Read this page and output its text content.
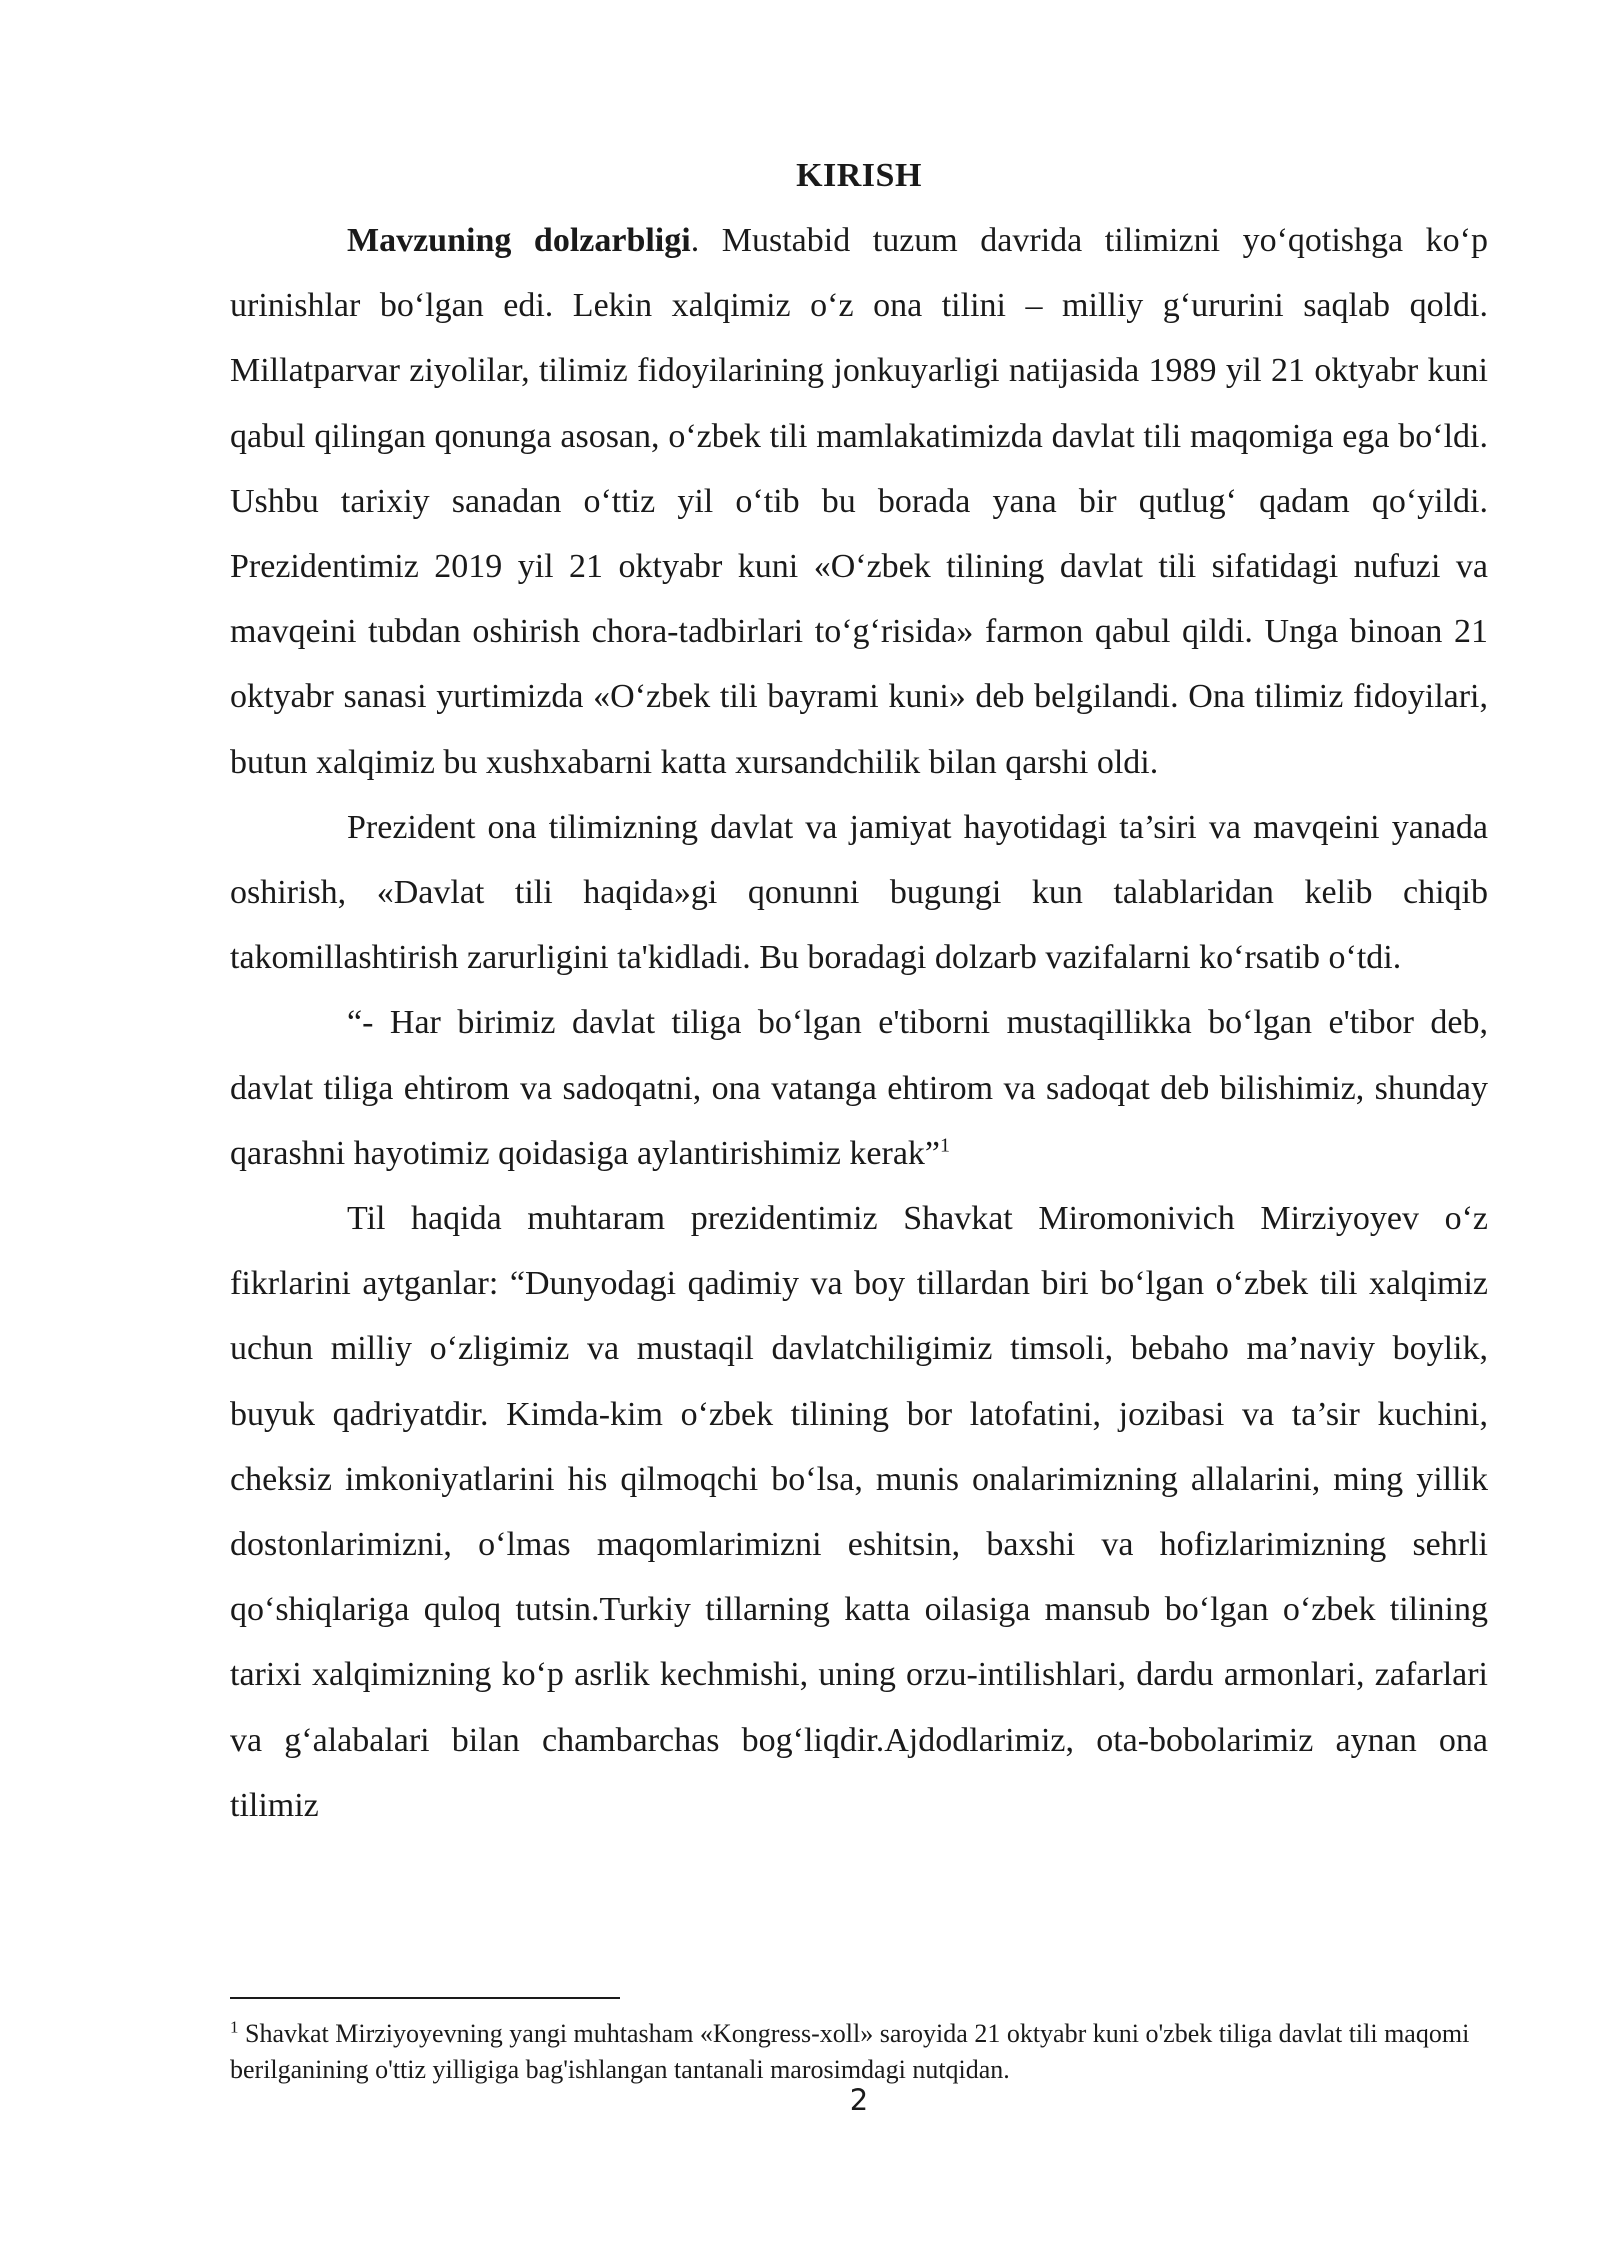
KIRISH

Mavzuning dolzarbligi. Mustabid tuzum davrida tilimizni yo‘qotishga ko‘p urinishlar bo‘lgan edi. Lekin xalqimiz o‘z ona tilini – milliy g‘ururini saqlab qoldi. Millatparvar ziyolilar, tilimiz fidoyilarining jonkuyarligi natijasida 1989 yil 21 oktyabr kuni qabul qilingan qonunga asosan, o‘zbek tili mamlakatimizda davlat tili maqomiga ega bo‘ldi. Ushbu tarixiy sanadan o‘ttiz yil o‘tib bu borada yana bir qutlug‘ qadam qo‘yildi. Prezidentimiz 2019 yil 21 oktyabr kuni «O‘zbek tilining davlat tili sifatidagi nufuzi va mavqeini tubdan oshirish chora-tadbirlari to‘g‘risida» farmon qabul qildi. Unga binoan 21 oktyabr sanasi yurtimizda «O‘zbek tili bayrami kuni» deb belgilandi. Ona tilimiz fidoyilari, butun xalqimiz bu xushxabarni katta xursandchilik bilan qarshi oldi.

Prezident ona tilimizning davlat va jamiyat hayotidagi ta’siri va mavqeini yanada oshirish, «Davlat tili haqida»gi qonunni bugungi kun talablaridan kelib chiqib takomillashtirish zarurligini ta'kidladi. Bu boradagi dolzarb vazifalarni ko‘rsatib o‘tdi.

“- Har birimiz davlat tiliga bo‘lgan e'tiborni mustaqillikka bo‘lgan e'tibor deb, davlat tiliga ehtirom va sadoqatni, ona vatanga ehtirom va sadoqat deb bilishimiz, shunday qarashni hayotimiz qoidasiga aylantirishimiz kerak”$^1$

Til haqida muhtaram prezidentimiz Shavkat Miromonivich Mirziyoyev o‘z fikrlarini aytganlar: “Dunyodagi qadimiy va boy tillardan biri bo‘lgan o‘zbek tili xalqimiz uchun milliy o‘zligimiz va mustaqil davlatchiligimiz timsoli, bebaho ma’naviy boylik, buyuk qadriyatdir. Kimda-kim o‘zbek tilining bor latofatini, jozibasi va ta’sir kuchini, cheksiz imkoniyatlarini his qilmoqchi bo‘lsa, munis onalarimizning allalarini, ming yillik dostonlarimizni, o‘lmas maqomlarimizni eshitsin, baxshi va hofizlarimizning sehrli qo‘shiqlariga quloq tutsin.Turkiy tillarning katta oilasiga mansub bo‘lgan o‘zbek tilining tarixi xalqimizning ko‘p asrlik kechmishi, uning orzu-intilishlari, dardu armonlari, zafarlari va g‘alabalari bilan chambarchas bog‘liqdir.Ajdodlarimiz, ota-bobolarimiz aynan ona tilimiz

$^1$ Shavkat Mirziyoyevning yangi muhtasham «Kongress-xoll» saroyida 21 oktyabr kuni o'zbek tiliga davlat tili maqomi berilganining o'ttiz yilligiga bag'ishlangan tantanali marosimdagi nutqidan.

2
